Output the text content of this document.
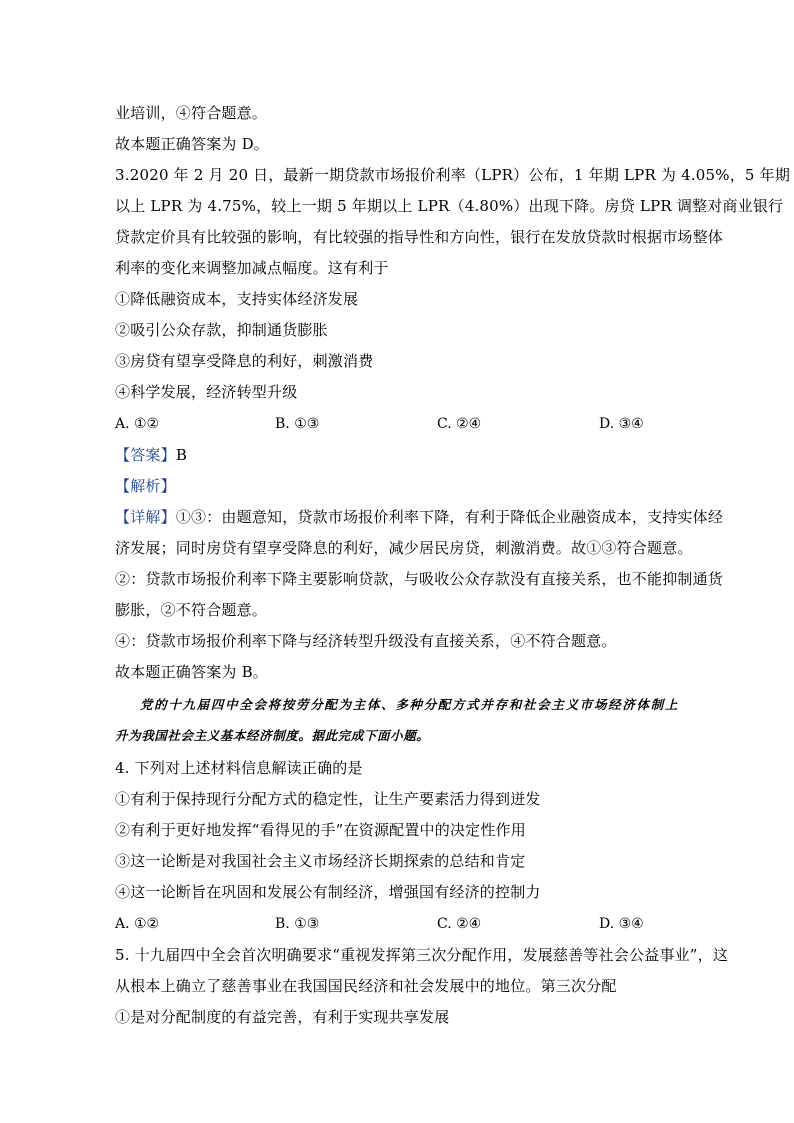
业培训，④符合题意。
故本题正确答案为 D。
3.2020 年 2 月 20 日，最新一期贷款市场报价利率（LPR）公布，1 年期 LPR 为 4.05%，5 年期
以上 LPR 为 4.75%，较上一期 5 年期以上 LPR（4.80%）出现下降。房贷 LPR 调整对商业银行
贷款定价具有比较强的影响，有比较强的指导性和方向性，银行在发放贷款时根据市场整体
利率的变化来调整加减点幅度。这有利于
①降低融资成本，支持实体经济发展
②吸引公众存款，抑制通货膨胀
③房贷有望享受降息的利好，刺激消费
④科学发展，经济转型升级
A. ①②	B. ①③	C. ②④	D. ③④
【答案】B
【解析】
【详解】①③：由题意知，贷款市场报价利率下降，有利于降低企业融资成本，支持实体经
济发展；同时房贷有望享受降息的利好，减少居民房贷，刺激消费。故①③符合题意。
②：贷款市场报价利率下降主要影响贷款，与吸收公众存款没有直接关系，也不能抑制通货
膨胀，②不符合题意。
④：贷款市场报价利率下降与经济转型升级没有直接关系，④不符合题意。
故本题正确答案为 B。
党的十九届四中全会将按劳分配为主体、多种分配方式并存和社会主义市场经济体制上
升为我国社会主义基本经济制度。据此完成下面小题。
4. 下列对上述材料信息解读正确的是
①有利于保持现行分配方式的稳定性，让生产要素活力得到迸发
②有利于更好地发挥“看得见的手”在资源配置中的决定性作用
③这一论断是对我国社会主义市场经济长期探索的总结和肯定
④这一论断旨在巩固和发展公有制经济，增强国有经济的控制力
A. ①②	B. ①③	C. ②④	D. ③④
5. 十九届四中全会首次明确要求“重视发挥第三次分配作用，发展慈善等社会公益事业”，这
从根本上确立了慈善事业在我国国民经济和社会发展中的地位。第三次分配
①是对分配制度的有益完善，有利于实现共享发展
